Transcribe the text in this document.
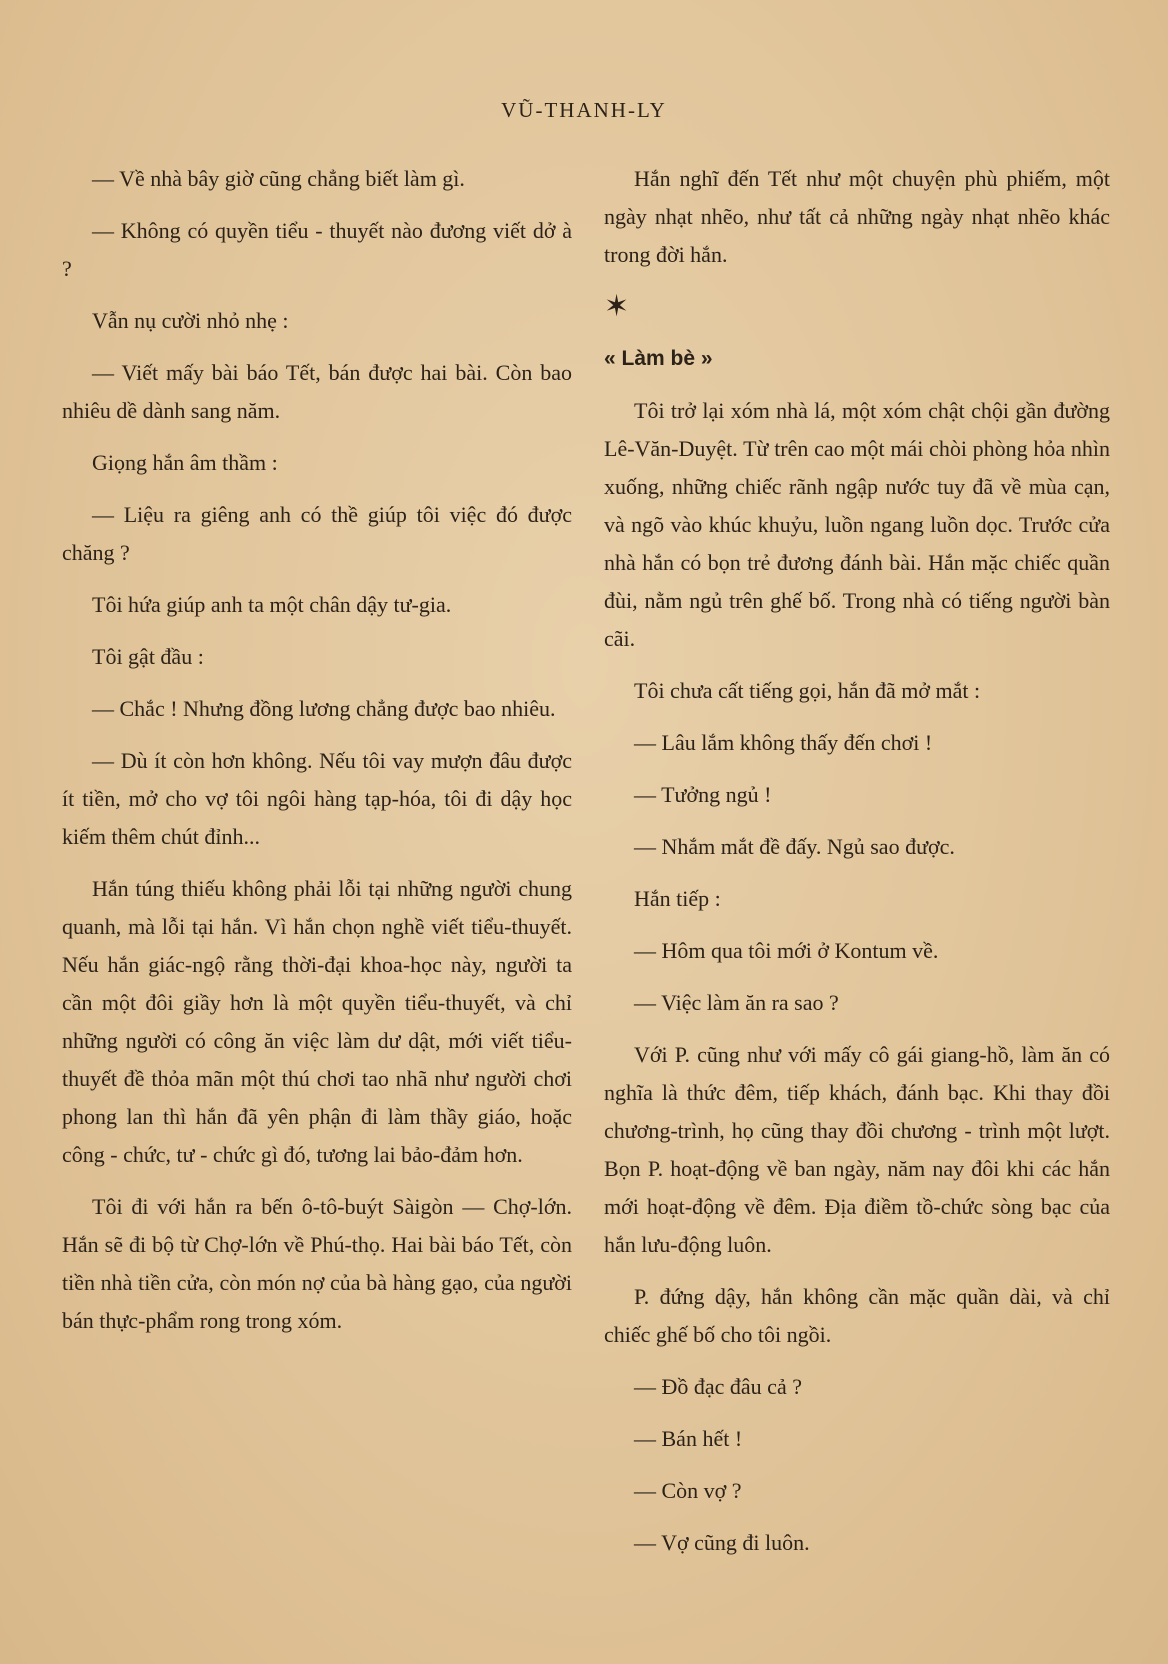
VŨ-THANH-LY

— Về nhà bây giờ cũng chẳng biết làm gì.

— Không có quyền tiểu - thuyết nào đương viết dở à ?

Vẫn nụ cười nhỏ nhẹ :

— Viết mấy bài báo Tết, bán được hai bài. Còn bao nhiêu dề dành sang năm.

Giọng hắn âm thầm :

— Liệu ra giêng anh có thề giúp tôi việc đó được chăng ?

Tôi hứa giúp anh ta một chân dậy tư-gia.

Tôi gật đầu :

— Chắc ! Nhưng đồng lương chẳng được bao nhiêu.

— Dù ít còn hơn không. Nếu tôi vay mượn đâu được ít tiền, mở cho vợ tôi ngôi hàng tạp-hóa, tôi đi dậy học kiếm thêm chút đỉnh...

Hắn túng thiếu không phải lỗi tại những người chung quanh, mà lỗi tại hắn. Vì hắn chọn nghề viết tiểu-thuyết. Nếu hắn giác-ngộ rằng thời-đại khoa-học này, người ta cần một đôi giầy hơn là một quyền tiểu-thuyết, và chỉ những người có công ăn việc làm dư dật, mới viết tiểu-thuyết đề thỏa mãn một thú chơi tao nhã như người chơi phong lan thì hắn đã yên phận đi làm thầy giáo, hoặc công - chức, tư - chức gì đó, tương lai bảo-đảm hơn.

Tôi đi với hắn ra bến ô-tô-buýt Sàigòn — Chợ-lớn. Hắn sẽ đi bộ từ Chợ-lớn về Phú-thọ. Hai bài báo Tết, còn tiền nhà tiền cửa, còn món nợ của bà hàng gạo, của người bán thực-phẩm rong trong xóm.

Hắn nghĩ đến Tết như một chuyện phù phiếm, một ngày nhạt nhẽo, như tất cả những ngày nhạt nhẽo khác trong đời hắn.

✶

« Làm bè »

Tôi trở lại xóm nhà lá, một xóm chật chội gần đường Lê-Văn-Duyệt. Từ trên cao một mái chòi phòng hỏa nhìn xuống, những chiếc rãnh ngập nước tuy đã về mùa cạn, và ngõ vào khúc khuỷu, luồn ngang luồn dọc. Trước cửa nhà hắn có bọn trẻ đương đánh bài. Hắn mặc chiếc quần đùi, nằm ngủ trên ghế bố. Trong nhà có tiếng người bàn cãi.

Tôi chưa cất tiếng gọi, hắn đã mở mắt :

— Lâu lắm không thấy đến chơi !

— Tưởng ngủ !

— Nhắm mắt đề đấy. Ngủ sao được.

Hắn tiếp :

— Hôm qua tôi mới ở Kontum về.

— Việc làm ăn ra sao ?

Với P. cũng như với mấy cô gái giang-hồ, làm ăn có nghĩa là thức đêm, tiếp khách, đánh bạc. Khi thay đồi chương-trình, họ cũng thay đồi chương - trình một lượt. Bọn P. hoạt-động về ban ngày, năm nay đôi khi các hắn mới hoạt-động về đêm. Địa điềm tồ-chức sòng bạc của hắn lưu-động luôn.

P. đứng dậy, hắn không cần mặc quần dài, và chỉ chiếc ghế bố cho tôi ngồi.

— Đồ đạc đâu cả ?

— Bán hết !

— Còn vợ ?

— Vợ cũng đi luôn.
